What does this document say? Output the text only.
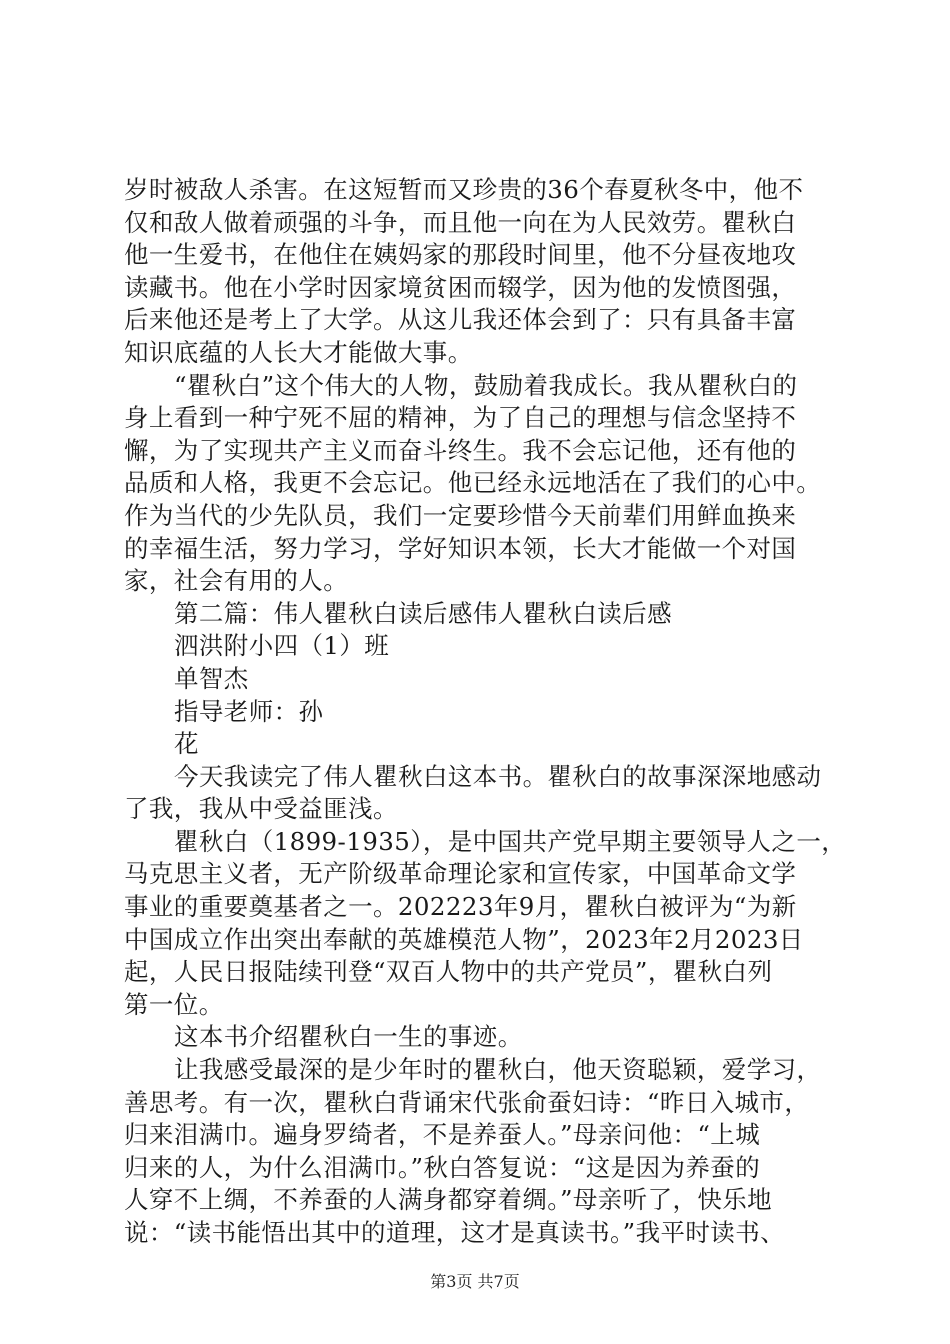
岁时被敌人杀害。在这短暂而又珍贵的36个春夏秋冬中，他不
仅和敌人做着顽强的斗争，而且他一向在为人民效劳。瞿秋白
他一生爱书，在他住在姨妈家的那段时间里，他不分昼夜地攻
读藏书。他在小学时因家境贫困而辍学，因为他的发愤图强，
后来他还是考上了大学。从这儿我还体会到了：只有具备丰富
知识底蕴的人长大才能做大事。
“瞿秋白”这个伟大的人物，鼓励着我成长。我从瞿秋白的
身上看到一种宁死不屈的精神，为了自己的理想与信念坚持不
懈，为了实现共产主义而奋斗终生。我不会忘记他，还有他的
品质和人格，我更不会忘记。他已经永远地活在了我们的心中。
作为当代的少先队员，我们一定要珍惜今天前辈们用鲜血换来
的幸福生活，努力学习，学好知识本领，长大才能做一个对国
家，社会有用的人。
第二篇：伟人瞿秋白读后感伟人瞿秋白读后感
泗洪附小四（1）班
单智杰
指导老师：孙
花
今天我读完了伟人瞿秋白这本书。瞿秋白的故事深深地感动
了我，我从中受益匪浅。
瞿秋白（1899-1935），是中国共产党早期主要领导人之一，
马克思主义者，无产阶级革命理论家和宣传家，中国革命文学
事业的重要奠基者之一。202223年9月，瞿秋白被评为“为新
中国成立作出突出奉献的英雄模范人物”，2023年2月2023日
起，人民日报陆续刊登“双百人物中的共产党员”，瞿秋白列
第一位。
这本书介绍瞿秋白一生的事迹。
让我感受最深的是少年时的瞿秋白，他天资聪颖，爱学习，
善思考。有一次，瞿秋白背诵宋代张俞蚕妇诗：“昨日入城市，
归来泪满巾。遍身罗绮者，不是养蚕人。”母亲问他：“上城
归来的人，为什么泪满巾。”秋白答复说：“这是因为养蚕的
人穿不上绸，不养蚕的人满身都穿着绸。”母亲听了，快乐地
说：“读书能悟出其中的道理，这才是真读书。”我平时读书、
第3页 共7页
